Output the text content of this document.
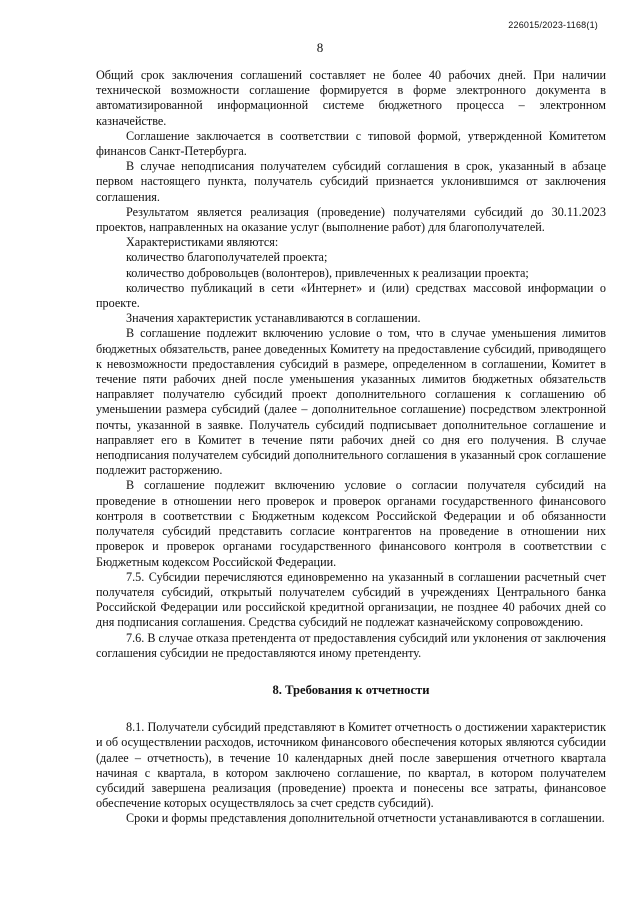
226015/2023-1168(1)
8

Общий срок заключения соглашений составляет не более 40 рабочих дней. При наличии технической возможности соглашение формируется в форме электронного документа в автоматизированной информационной системе бюджетного процесса – электронном казначействе.

Соглашение заключается в соответствии с типовой формой, утвержденной Комитетом финансов Санкт-Петербурга.

В случае неподписания получателем субсидий соглашения в срок, указанный в абзаце первом настоящего пункта, получатель субсидий признается уклонившимся от заключения соглашения.

Результатом является реализация (проведение) получателями субсидий до 30.11.2023 проектов, направленных на оказание услуг (выполнение работ) для благополучателей.

Характеристиками являются:

количество благополучателей проекта;

количество добровольцев (волонтеров), привлеченных к реализации проекта;

количество публикаций в сети «Интернет» и (или) средствах массовой информации о проекте.

Значения характеристик устанавливаются в соглашении.

В соглашение подлежит включению условие о том, что в случае уменьшения лимитов бюджетных обязательств, ранее доведенных Комитету на предоставление субсидий, приводящего к невозможности предоставления субсидий в размере, определенном в соглашении, Комитет в течение пяти рабочих дней после уменьшения указанных лимитов бюджетных обязательств направляет получателю субсидий проект дополнительного соглашения к соглашению об уменьшении размера субсидий (далее – дополнительное соглашение) посредством электронной почты, указанной в заявке. Получатель субсидий подписывает дополнительное соглашение и направляет его в Комитет в течение пяти рабочих дней со дня его получения. В случае неподписания получателем субсидий дополнительного соглашения в указанный срок соглашение подлежит расторжению.

В соглашение подлежит включению условие о согласии получателя субсидий на проведение в отношении него проверок и проверок органами государственного финансового контроля в соответствии с Бюджетным кодексом Российской Федерации и об обязанности получателя субсидий представить согласие контрагентов на проведение в отношении них проверок и проверок органами государственного финансового контроля в соответствии с Бюджетным кодексом Российской Федерации.

7.5. Субсидии перечисляются единовременно на указанный в соглашении расчетный счет получателя субсидий, открытый получателем субсидий в учреждениях Центрального банка Российской Федерации или российской кредитной организации, не позднее 40 рабочих дней со дня подписания соглашения. Средства субсидий не подлежат казначейскому сопровождению.

7.6. В случае отказа претендента от предоставления субсидий или уклонения от заключения соглашения субсидии не предоставляются иному претенденту.

8. Требования к отчетности

8.1. Получатели субсидий представляют в Комитет отчетность о достижении характеристик и об осуществлении расходов, источником финансового обеспечения которых являются субсидии (далее – отчетность), в течение 10 календарных дней после завершения отчетного квартала начиная с квартала, в котором заключено соглашение, по квартал, в котором получателем субсидий завершена реализация (проведение) проекта и понесены все затраты, финансовое обеспечение которых осуществлялось за счет средств субсидий).

Сроки и формы представления дополнительной отчетности устанавливаются в соглашении.
